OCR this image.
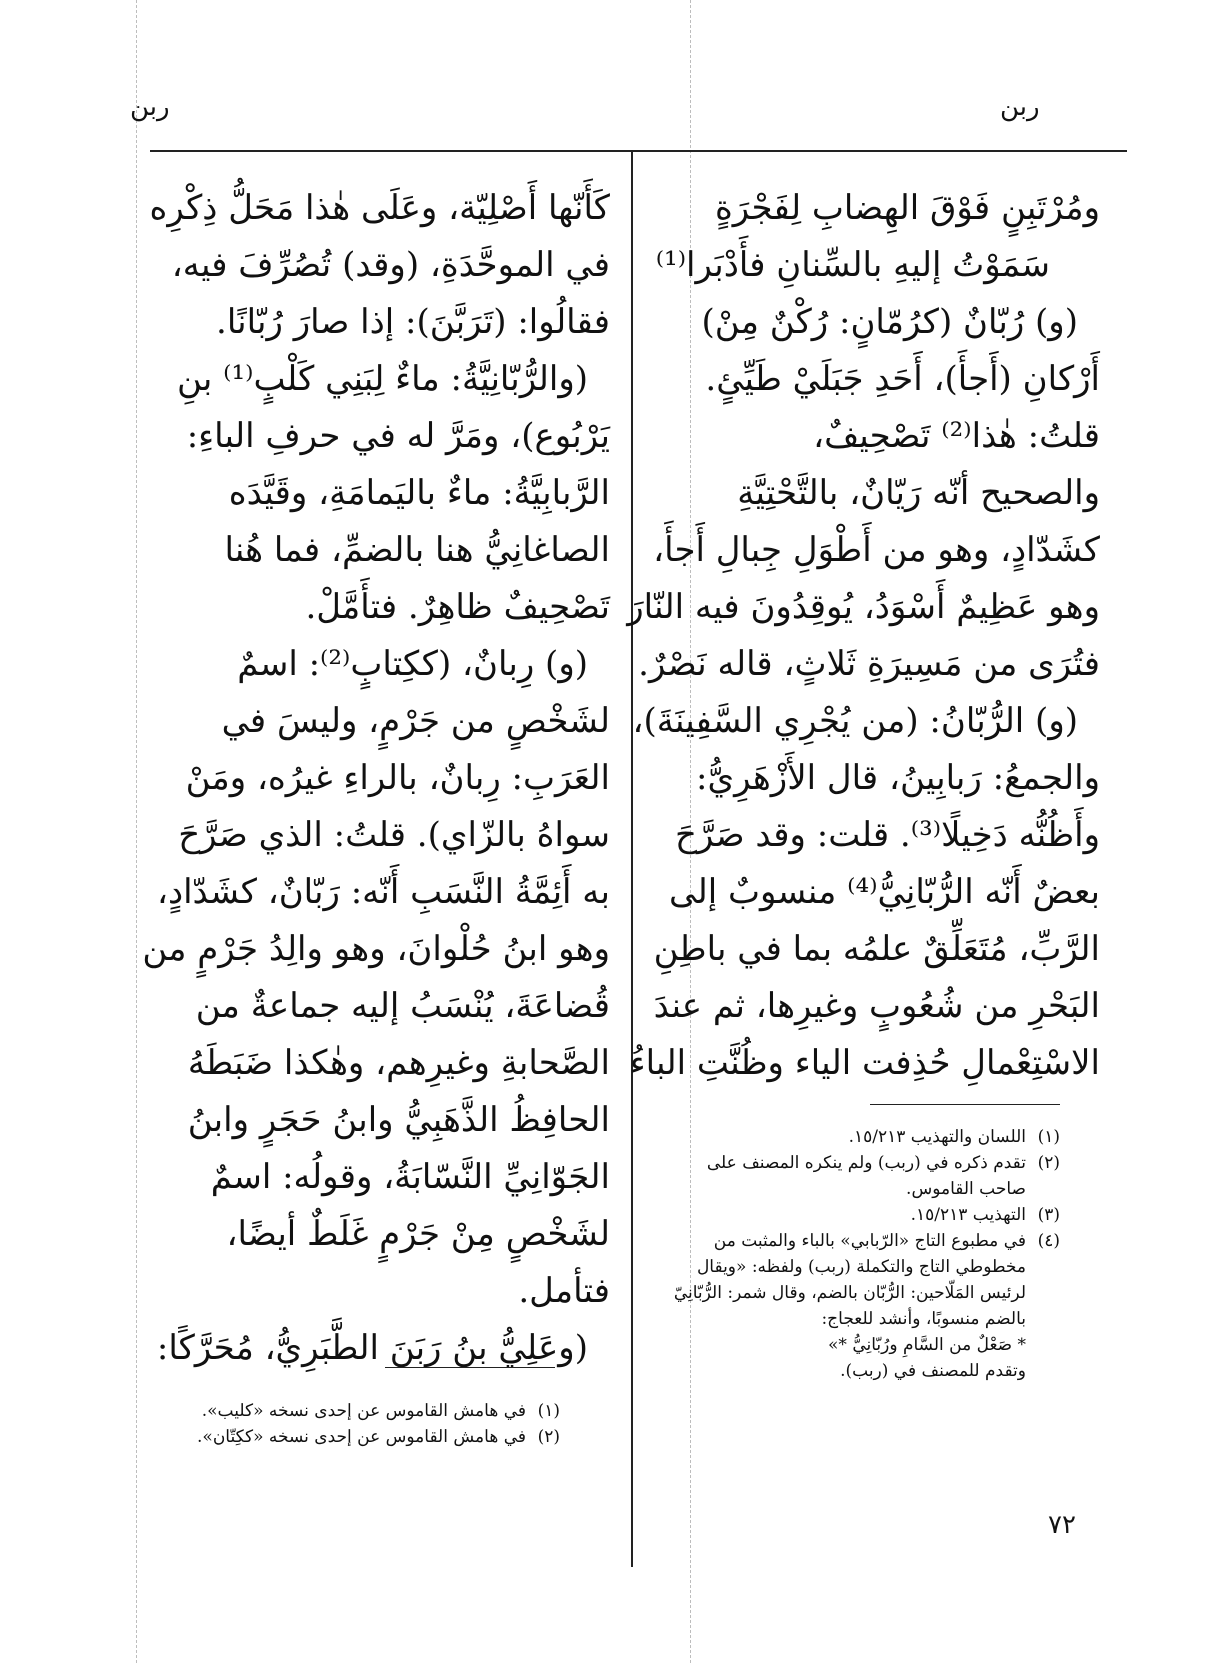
ربن	ربن
ومُرْتَبِنٍ فَوْقَ الهِضابِ لِفَجْرَةٍ
سَمَوْتُ إليهِ بالسِّنانِ فأَدْبَرا⁽¹⁾
(و) رُبّانٌ (كرُمّانٍ: رُكْنٌ مِنْ)
أَرْكانِ (أَجأَ)، أَحَدِ جَبَلَيْ طَيِّئٍ.
قلتُ: هٰذا⁽²⁾ تَصْحِيفٌ،
والصحيح أنّه رَيّانٌ، بالتَّحْتِيَّةِ
كشَدّادٍ، وهو من أَطْوَلِ جِبالِ أَجأَ،
وهو عَظِيمٌ أَسْوَدُ، يُوقِدُونَ فيه النّارَ
فتُرَى من مَسِيرَةِ ثَلاثٍ، قاله نَصْرٌ.
(و) الرُّبّانُ: (من يُجْرِي السَّفِينَةَ)،
والجمعُ: رَبابِينُ، قال الأَزْهَرِيُّ:
وأَظُنُّه دَخِيلًا⁽³⁾. قلت: وقد صَرَّحَ
بعضٌ أَنّه الرُّبّانِيُّ⁽⁴⁾ منسوبٌ إلى
الرَّبِّ، مُتَعَلِّقٌ علمُه بما في باطِنِ
البَحْرِ من شُعُوبٍ وغيرِها، ثم عندَ
الاسْتِعْمالِ حُذِفت الياء وظُنَّتِ الباءُ
كَأَنّها أَصْلِيّة، وعَلَى هٰذا مَحَلُّ ذِكْرِه
في الموحَّدَةِ، (وقد) تُصُرِّفَ فيه،
فقالُوا: (تَرَبَّنَ): إذا صارَ رُبّانًا.
(والرُّبّانِيَّةُ: ماءٌ لِبَنِي كَلْبٍ⁽¹⁾ بنِ
يَرْبُوع)، ومَرَّ له في حرفِ الباءِ:
الرَّبابِيَّةُ: ماءٌ باليَمامَةِ، وقَيَّدَه
الصاغانِيُّ هنا بالضمِّ، فما هُنا
تَصْحِيفٌ ظاهِرٌ. فتأَمَّلْ.
(و) رِبانٌ، (ككِتابٍ⁽²⁾: اسمٌ
لشَخْصٍ من جَرْمٍ، وليسَ في
العَرَبِ: رِبانٌ، بالراءِ غيرُه، ومَنْ
سواهُ بالزّاي). قلتُ: الذي صَرَّحَ
به أَئِمَّةُ النَّسَبِ أَنّه: رَبّانٌ، كشَدّادٍ،
وهو ابنُ حُلْوانَ، وهو والِدُ جَرْمٍ من
قُضاعَةَ، يُنْسَبُ إليه جماعةٌ من
الصَّحابةِ وغيرِهم، وهٰكذا ضَبَطَهُ
الحافِظُ الذَّهَبِيُّ وابنُ حَجَرٍ وابنُ
الجَوّانِيِّ النَّسّابَةُ، وقولُه: اسمٌ
لشَخْصٍ مِنْ جَرْمٍ غَلَطٌ أيضًا،
فتأمل.
(وعَلِيُّ بنُ رَبَنَ الطَّبَرِيُّ، مُحَرَّكًا:
(١)اللسان والتهذيب ١٥/٢١٣.
(٢)تقدم ذكره في (ربب) ولم ينكره المصنف على
صاحب القاموس.
(٣)التهذيب ١٥/٢١٣.
(٤)في مطبوع التاج «الرّبابي» بالباء والمثبت من
مخطوطي التاج والتكملة (ربب) ولفظه: «ويقال
لرئيس المَلّاحين: الرُّبّان بالضم، وقال شمر: الرُّبّانِيّ
بالضم منسوبًا، وأنشد للعجاج:
* صَعْلٌ من السَّامِ ورُبّانِيُّ *»
وتقدم للمصنف في (ربب).
(١)في هامش القاموس عن إحدى نسخه «كليب».
(٢)في هامش القاموس عن إحدى نسخه «ككِتّان».
٧٢
